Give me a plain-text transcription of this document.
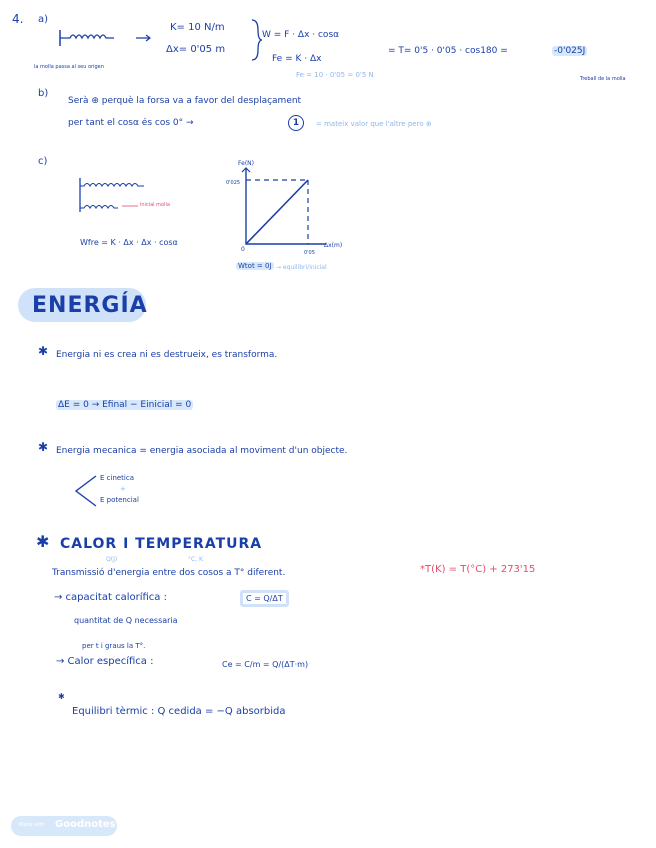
4. a)
la molla passa al seu origen
K= 10 N/m
Δx= 0'05 m
W = F · Δx · cosα
Fe = K · Δx
Fe = 10 · 0'05 = 0'5 N
= T= 0'5 · 0'05 · cos180 =	-0'025J
Treball de la molla
b)
Serà ⊕ perquè la forsa va a favor del desplaçament
per tant el cosα és cos 0° →	1	= mateix valor que l'altre pero ⊕
c)
inicial molla
Wfre = K · Δx · Δx · cosα
Fe(N)
0'025
0	0'05
Δx(m)
Wtot = 0J → equilibri/inicial
ENERGÍA
✱ Energia ni es crea ni es destrueix, es transforma.
ΔE = 0 → Efinal − Einicial = 0
✱ Energia mecanica = energia asociada al moviment d'un objecte.
E cinetica
+
E potencial
✱ CALOR I TEMPERATURA
Q(J)	°C, K
Transmissió d'energia entre dos cosos a T° diferent.	*T(K) = T(°C) + 273'15
→ capacitat calorífica :	C = Q/ΔT
quantitat de Q necessaria
per t i graus la T°.
→ Calor específica :	Ce = C/m = Q/(ΔT·m)
✱
Equilibri tèrmic : Q cedida = −Q absorbida
Made with Goodnotes
